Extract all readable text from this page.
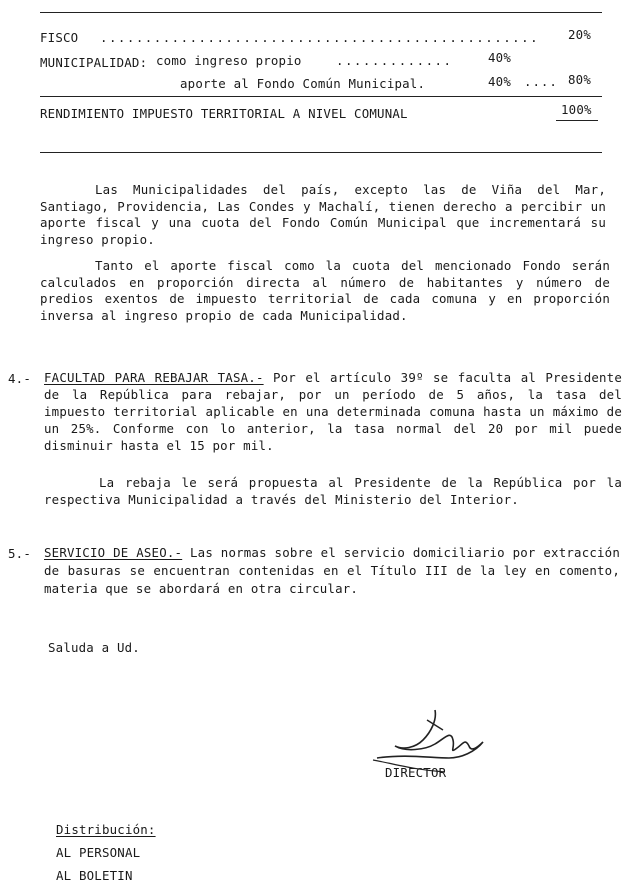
FISCO ................................................. 20%
MUNICIPALIDAD: como ingreso propio	.............	40%
aporte al Fondo Común Municipal.	40% .... 80%
RENDIMIENTO IMPUESTO TERRITORIAL A NIVEL COMUNAL	100%
Las Municipalidades del país, excepto las de Viña del Mar, Santiago, Providencia, Las Condes y Machalí, tienen derecho a percibir un aporte fiscal y una cuota del Fondo Común Municipal que incrementará su ingreso propio.
Tanto el aporte fiscal como la cuota del mencionado Fondo serán calculados en proporción directa al número de habitantes y número de predios exentos de impuesto territorial de cada comuna y en proporción inversa al ingreso propio de cada Municipalidad.
4.- FACULTAD PARA REBAJAR TASA.- Por el artículo 39º se faculta al Presidente de la República para rebajar, por un período de 5 años, la tasa del impuesto territorial aplicable en una determinada comuna hasta un máximo de un 25%. Conforme con lo anterior, la tasa normal del 20 por mil puede disminuir hasta el 15 por mil.
La rebaja le será propuesta al Presidente de la República por la respectiva Municipalidad a través del Ministerio del Interior.
5.- SERVICIO DE ASEO.- Las normas sobre el servicio domiciliario por extracción de basuras se encuentran contenidas en el Título III de la ley en comento, materia que se abordará en otra circular.
Saluda a Ud.
DIRECTOR
Distribución:
AL PERSONAL
AL BOLETIN
